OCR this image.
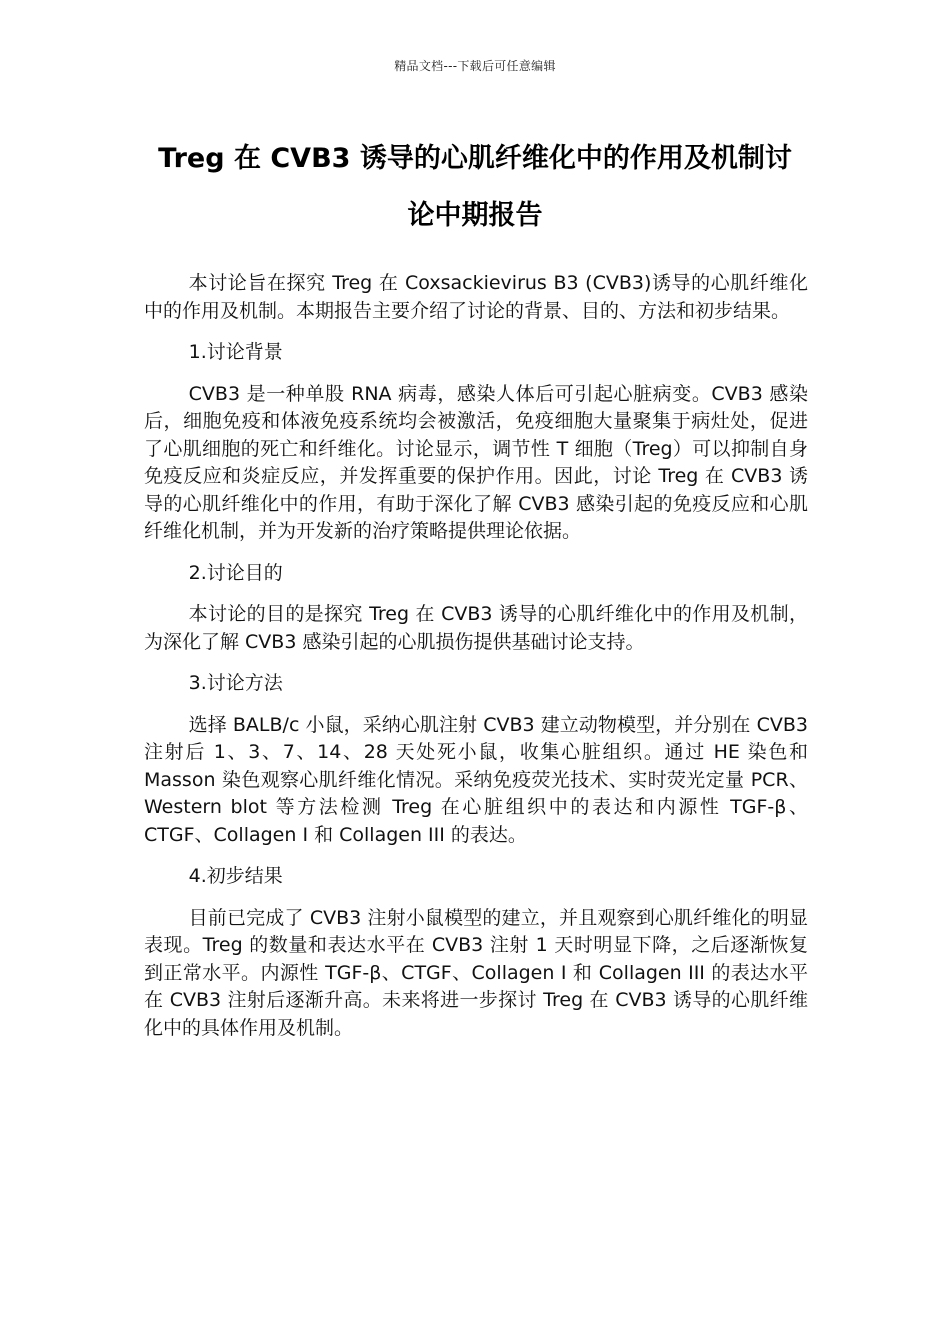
精品文档---下载后可任意编辑
Treg 在 CVB3 诱导的心肌纤维化中的作用及机制讨
论中期报告

本讨论旨在探究 Treg 在 Coxsackievirus B3 (CVB3)诱导的心肌纤维化中的作用及机制。本期报告主要介绍了讨论的背景、目的、方法和初步结果。

1.讨论背景

CVB3 是一种单股 RNA 病毒，感染人体后可引起心脏病变。CVB3 感染后，细胞免疫和体液免疫系统均会被激活，免疫细胞大量聚集于病灶处，促进了心肌细胞的死亡和纤维化。讨论显示，调节性 T 细胞（Treg）可以抑制自身免疫反应和炎症反应，并发挥重要的保护作用。因此，讨论 Treg 在 CVB3 诱导的心肌纤维化中的作用，有助于深化了解 CVB3 感染引起的免疫反应和心肌纤维化机制，并为开发新的治疗策略提供理论依据。

2.讨论目的

本讨论的目的是探究 Treg 在 CVB3 诱导的心肌纤维化中的作用及机制，为深化了解 CVB3 感染引起的心肌损伤提供基础讨论支持。

3.讨论方法

选择 BALB/c 小鼠，采纳心肌注射 CVB3 建立动物模型，并分别在 CVB3 注射后 1、3、7、14、28 天处死小鼠，收集心脏组织。通过 HE 染色和 Masson 染色观察心肌纤维化情况。采纳免疫荧光技术、实时荧光定量 PCR、Western blot 等方法检测 Treg 在心脏组织中的表达和内源性 TGF-β、CTGF、Collagen I 和 Collagen III 的表达。

4.初步结果

目前已完成了 CVB3 注射小鼠模型的建立，并且观察到心肌纤维化的明显表现。Treg 的数量和表达水平在 CVB3 注射 1 天时明显下降，之后逐渐恢复到正常水平。内源性 TGF-β、CTGF、Collagen I 和 Collagen III 的表达水平在 CVB3 注射后逐渐升高。未来将进一步探讨 Treg 在 CVB3 诱导的心肌纤维化中的具体作用及机制。
